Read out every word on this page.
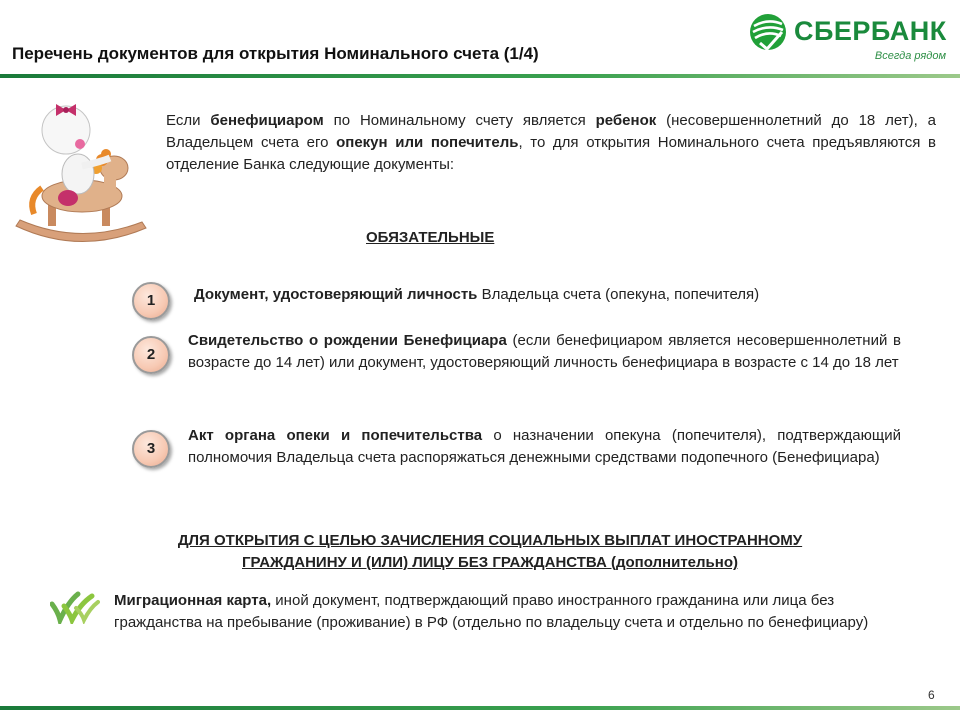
Перечень документов для открытия Номинального счета (1/4)
СБЕРБАНК
Всегда рядом
Если бенефициаром по Номинальному счету является ребенок (несовершеннолетний до 18 лет), а Владельцем счета его опекун или попечитель, то для открытия Номинального счета предъявляются в отделение Банка следующие документы:
ОБЯЗАТЕЛЬНЫЕ
1	Документ, удостоверяющий личность Владельца счета (опекуна, попечителя)
2
Свидетельство о рождении Бенефициара (если бенефициаром является несовершеннолетний в возрасте до 14 лет) или документ, удостоверяющий личность бенефициара в возрасте с 14 до 18 лет
3
Акт органа опеки и попечительства о назначении опекуна (попечителя), подтверждающий полномочия Владельца счета распоряжаться денежными средствами подопечного (Бенефициара)
ДЛЯ ОТКРЫТИЯ С ЦЕЛЬЮ ЗАЧИСЛЕНИЯ СОЦИАЛЬНЫХ ВЫПЛАТ ИНОСТРАННОМУ
ГРАЖДАНИНУ И (ИЛИ) ЛИЦУ БЕЗ ГРАЖДАНСТВА (дополнительно)
Миграционная карта, иной документ, подтверждающий право иностранного гражданина или лица без гражданства на пребывание (проживание) в РФ (отдельно по владельцу счета и отдельно по бенефициару)
6
